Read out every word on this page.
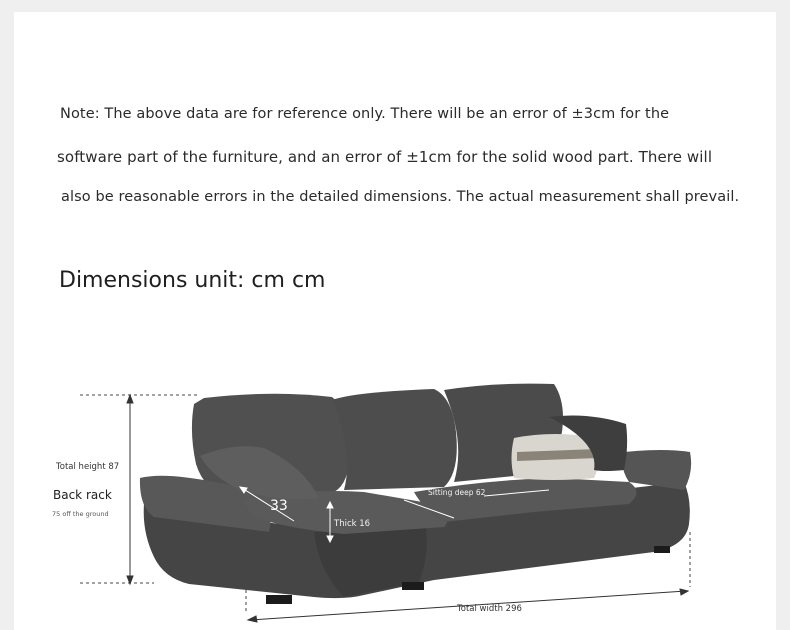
Note: The above data are for reference only. There will be an error of ±3cm for the
software part of the furniture, and an error of ±1cm for the solid wood part. There will
also be reasonable errors in the detailed dimensions. The actual measurement shall prevail.
Dimensions unit: cm cm
Total height 87
Back rack
75 off the ground	33
Thick 16
Sitting deep 62
Total width 296
